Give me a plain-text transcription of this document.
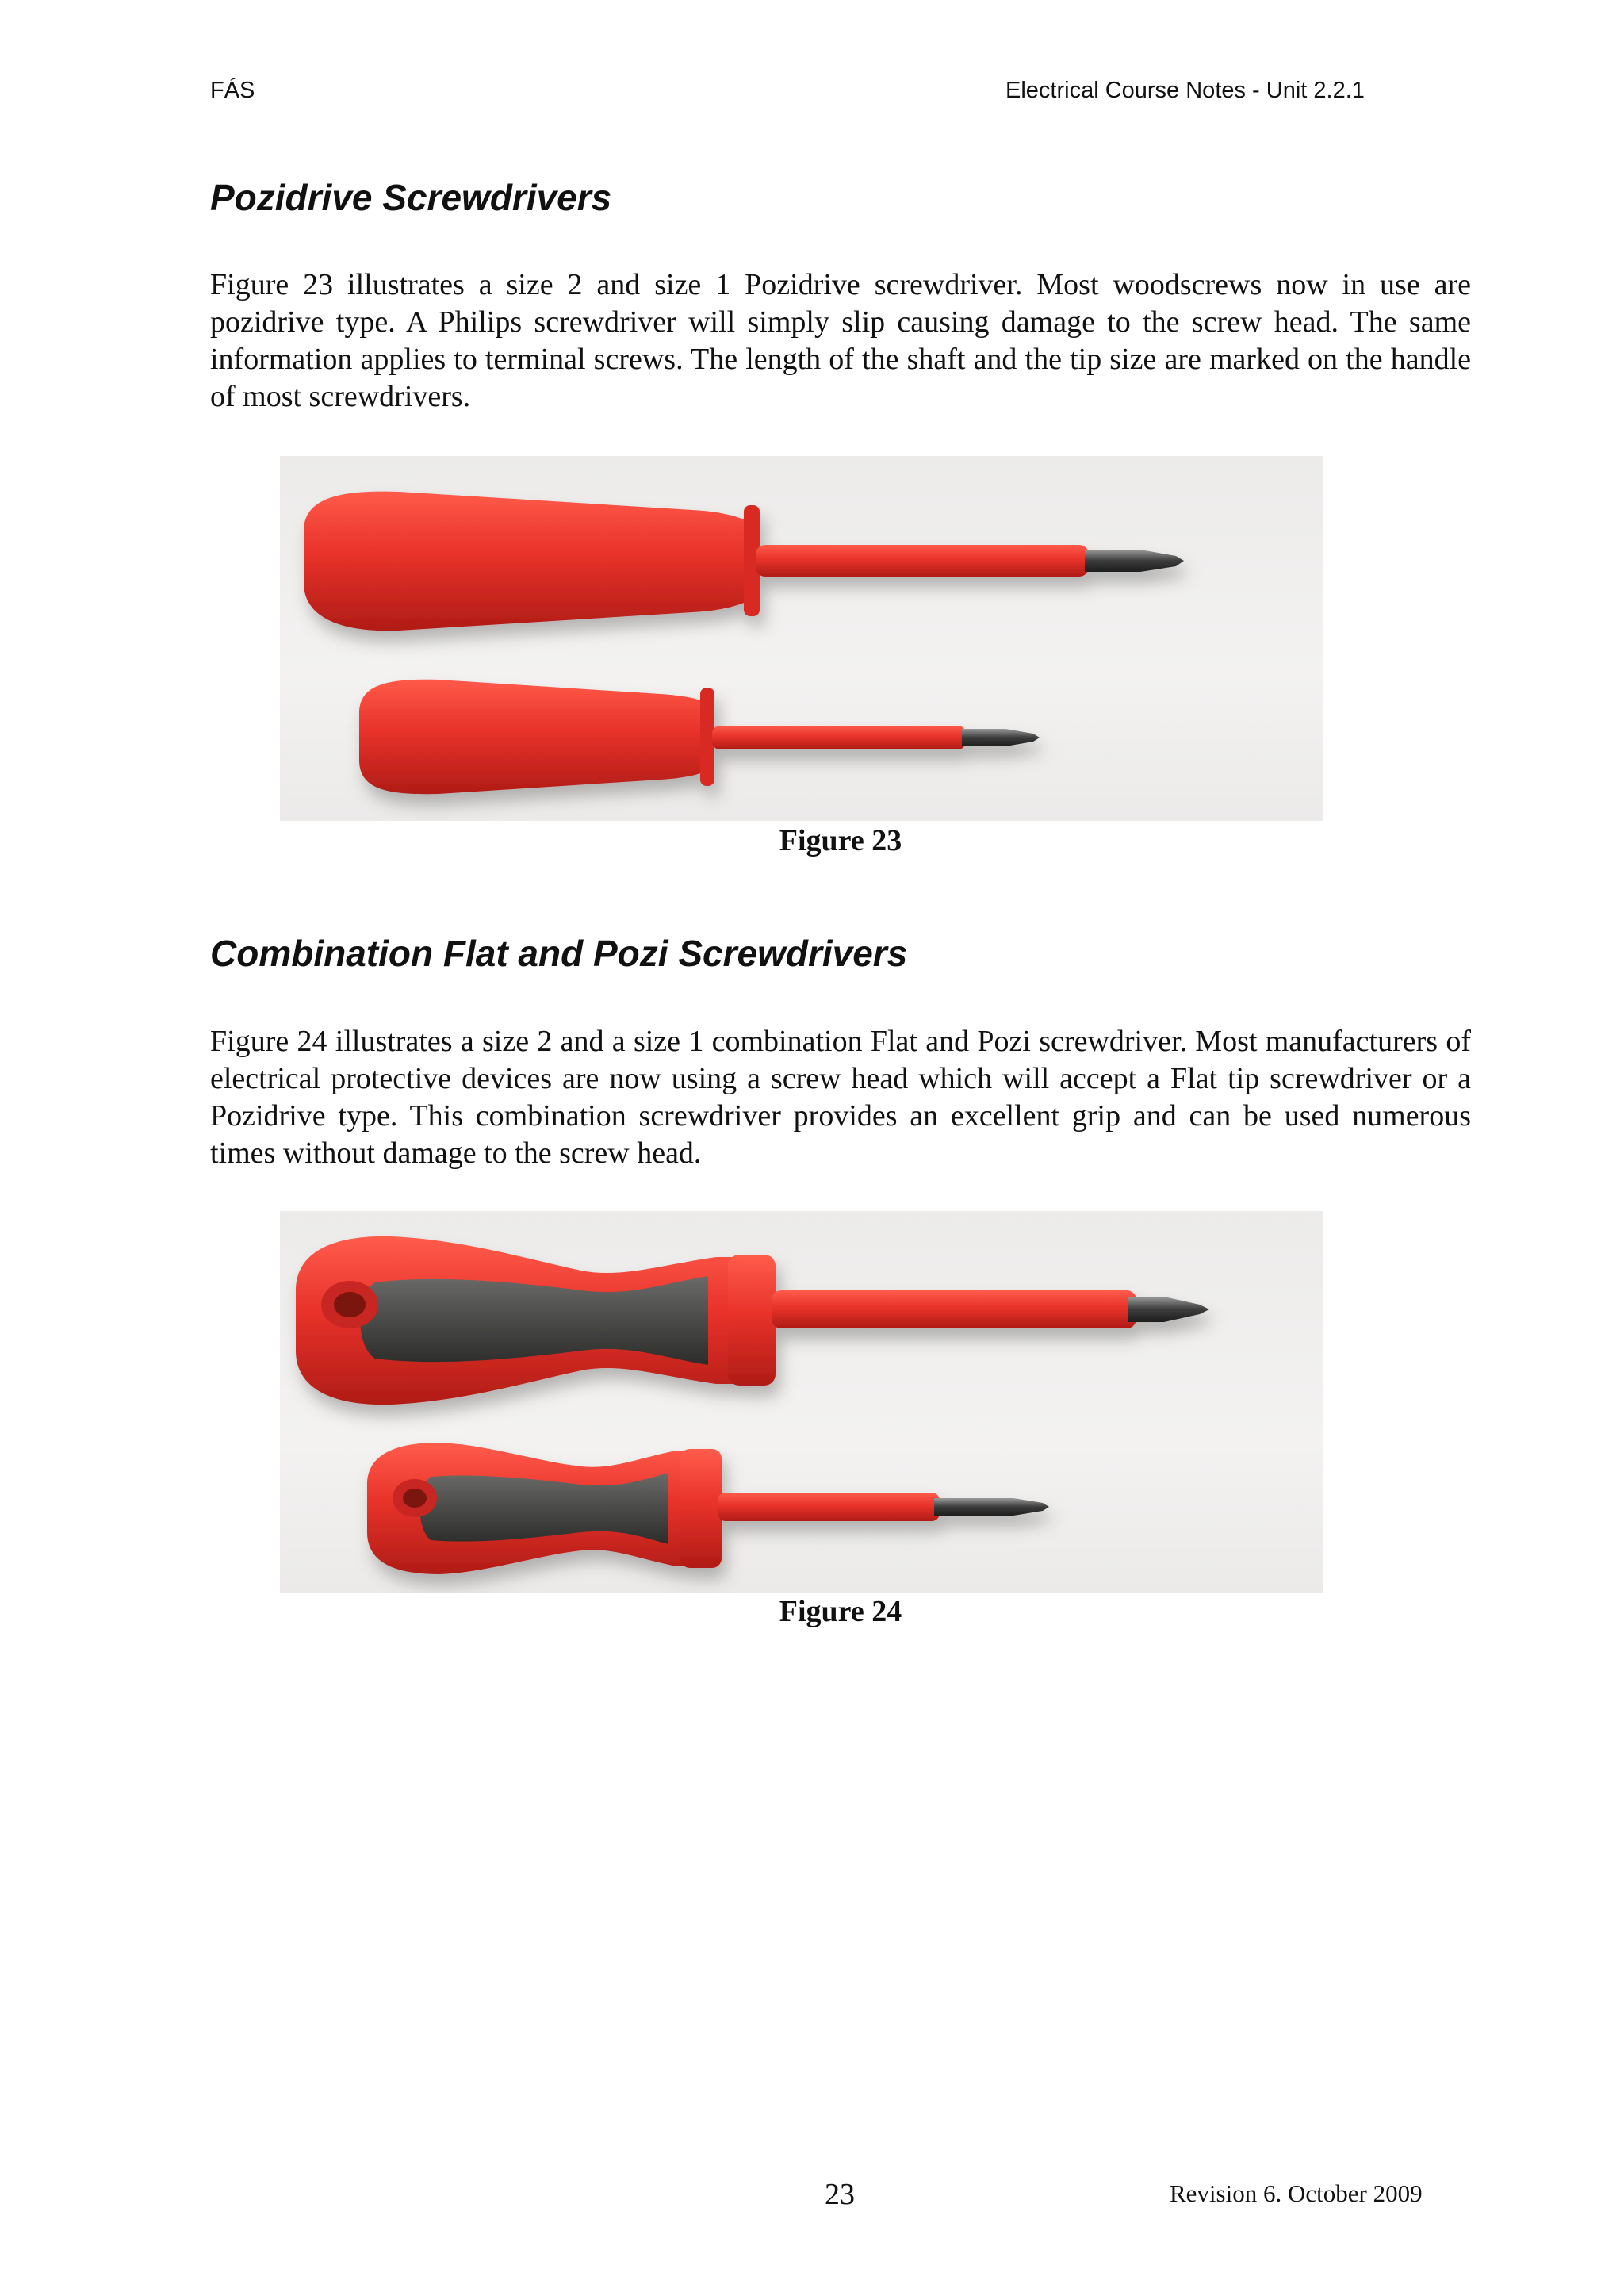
FÁS	Electrical Course Notes - Unit 2.2.1
Pozidrive Screwdrivers

Figure 23 illustrates a size 2 and size 1 Pozidrive screwdriver. Most woodscrews now in use are pozidrive type. A Philips screwdriver will simply slip causing damage to the screw head. The same information applies to terminal screws. The length of the shaft and the tip size are marked on the handle of most screwdrivers.

Figure 23
Combination Flat and Pozi Screwdrivers

Figure 24 illustrates a size 2 and a size 1 combination Flat and Pozi screwdriver. Most manufacturers of electrical protective devices are now using a screw head which will accept a Flat tip screwdriver or a Pozidrive type. This combination screwdriver provides an excellent grip and can be used numerous times without damage to the screw head.

Figure 24
23	Revision 6. October 2009
